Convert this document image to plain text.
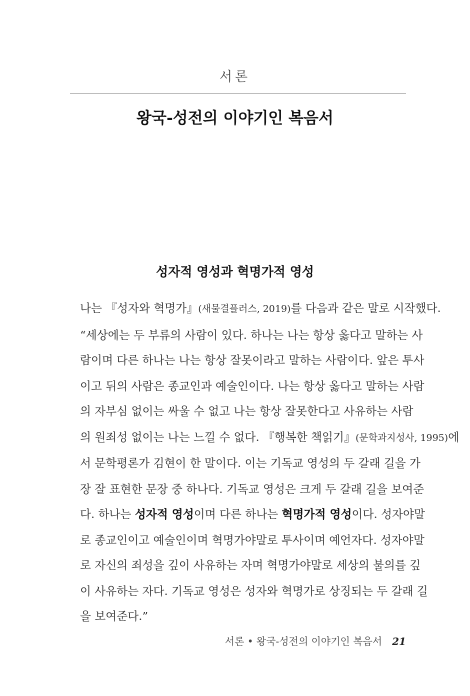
서론
왕국-성전의 이야기인 복음서
성자적 영성과 혁명가적 영성
나는 『성자와 혁명가』(새물결플러스, 2019)를 다음과 같은 말로 시작했다.
“세상에는 두 부류의 사람이 있다. 하나는 나는 항상 옳다고 말하는 사
람이며 다른 하나는 나는 항상 잘못이라고 말하는 사람이다. 앞은 투사
이고 뒤의 사람은 종교인과 예술인이다. 나는 항상 옳다고 말하는 사람
의 자부심 없이는 싸울 수 없고 나는 항상 잘못한다고 사유하는 사람
의 원죄성 없이는 나는 느낄 수 없다. 『행복한 책읽기』(문학과지성사, 1995)에
서 문학평론가 김현이 한 말이다. 이는 기독교 영성의 두 갈래 길을 가
장 잘 표현한 문장 중 하나다. 기독교 영성은 크게 두 갈래 길을 보여준
다. 하나는 성자적 영성이며 다른 하나는 혁명가적 영성이다. 성자야말
로 종교인이고 예술인이며 혁명가야말로 투사이며 예언자다. 성자야말
로 자신의 죄성을 깊이 사유하는 자며 혁명가야말로 세상의 불의를 깊
이 사유하는 자다. 기독교 영성은 성자와 혁명가로 상징되는 두 갈래 길
을 보여준다.”
서론 • 왕국-성전의 이야기인 복음서 21
